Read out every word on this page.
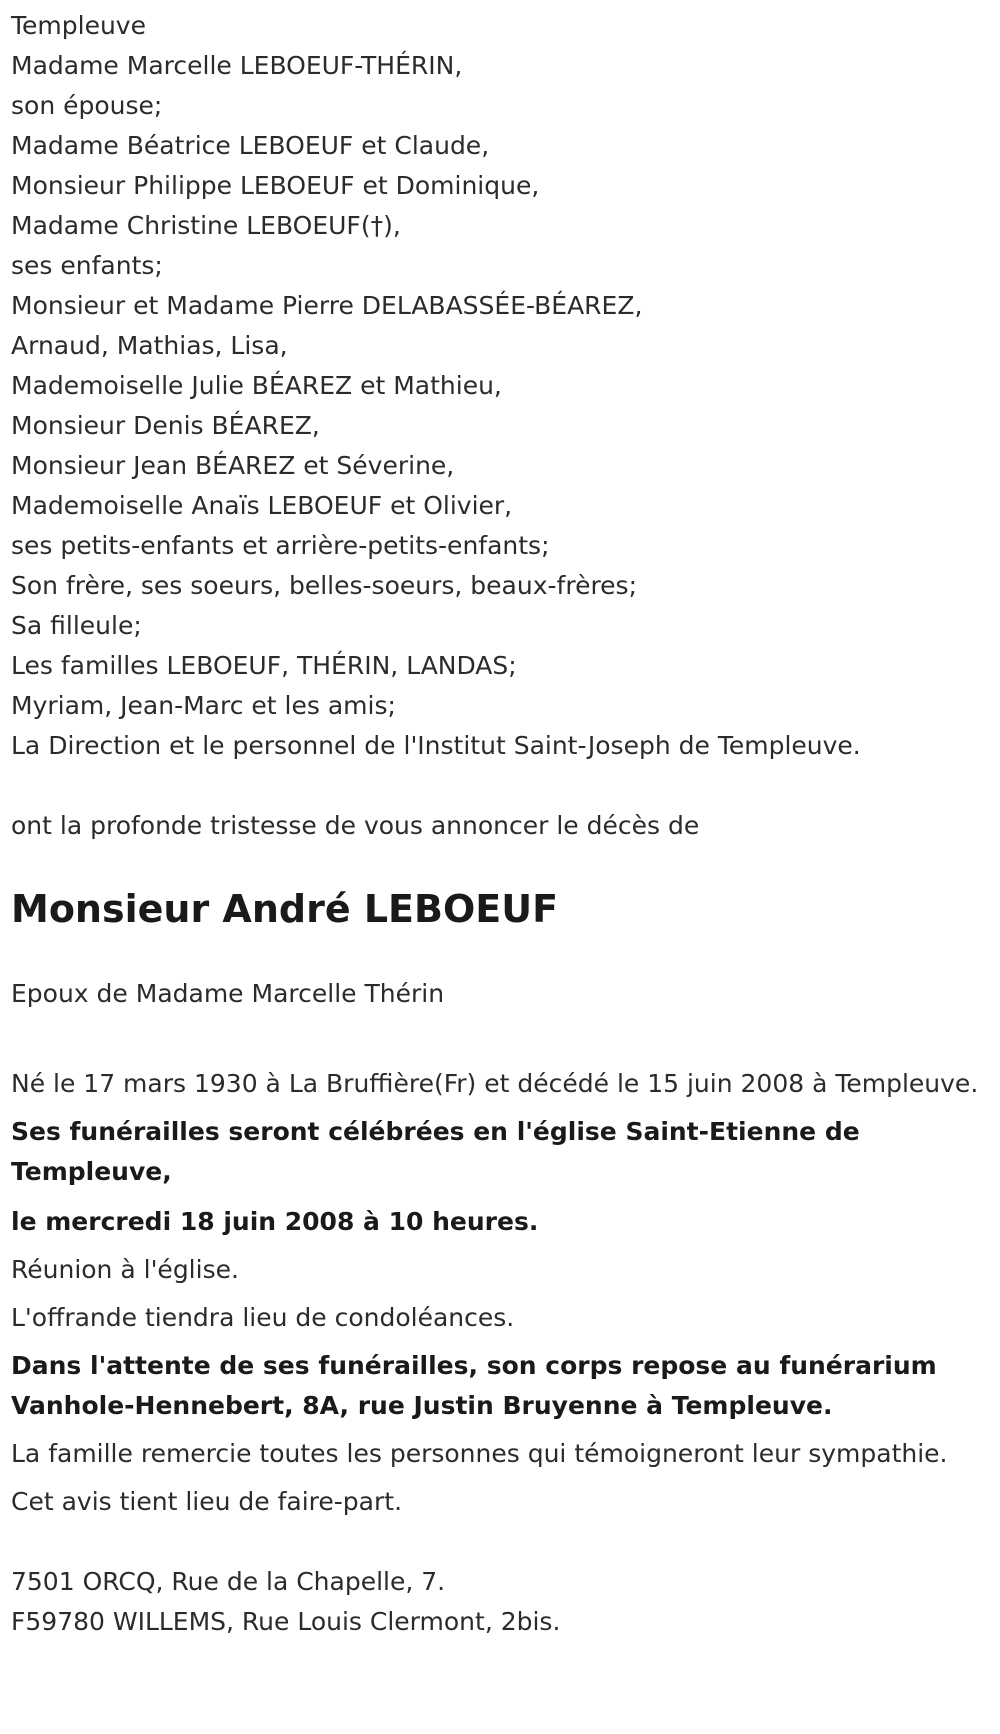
Templeuve

Madame Marcelle LEBOEUF-THÉRIN,

son épouse;

Madame Béatrice LEBOEUF et Claude,

Monsieur Philippe LEBOEUF et Dominique,

Madame Christine LEBOEUF(†),

ses enfants;

Monsieur et Madame Pierre DELABASSÉE-BÉAREZ,

Arnaud, Mathias, Lisa,

Mademoiselle Julie BÉAREZ et Mathieu,

Monsieur Denis BÉAREZ,

Monsieur Jean BÉAREZ et Séverine,

Mademoiselle Anaïs LEBOEUF et Olivier,

ses petits-enfants et arrière-petits-enfants;

Son frère, ses soeurs, belles-soeurs, beaux-frères;

Sa filleule;

Les familles LEBOEUF, THÉRIN, LANDAS;

Myriam, Jean-Marc et les amis;

La Direction et le personnel de l'Institut Saint-Joseph de Templeuve.

ont la profonde tristesse de vous annoncer le décès de

Monsieur André LEBOEUF

Epoux de Madame Marcelle Thérin

Né le 17 mars 1930 à La Bruffière(Fr) et décédé le 15 juin 2008 à Templeuve.

Ses funérailles seront célébrées en l'église Saint-Etienne de Templeuve,

le mercredi 18 juin 2008 à 10 heures.

Réunion à l'église.

L'offrande tiendra lieu de condoléances.

Dans l'attente de ses funérailles, son corps repose au funérarium Vanhole-Hennebert, 8A, rue Justin Bruyenne à Templeuve.

La famille remercie toutes les personnes qui témoigneront leur sympathie.

Cet avis tient lieu de faire-part.

7501 ORCQ, Rue de la Chapelle, 7.

F59780 WILLEMS, Rue Louis Clermont, 2bis.
